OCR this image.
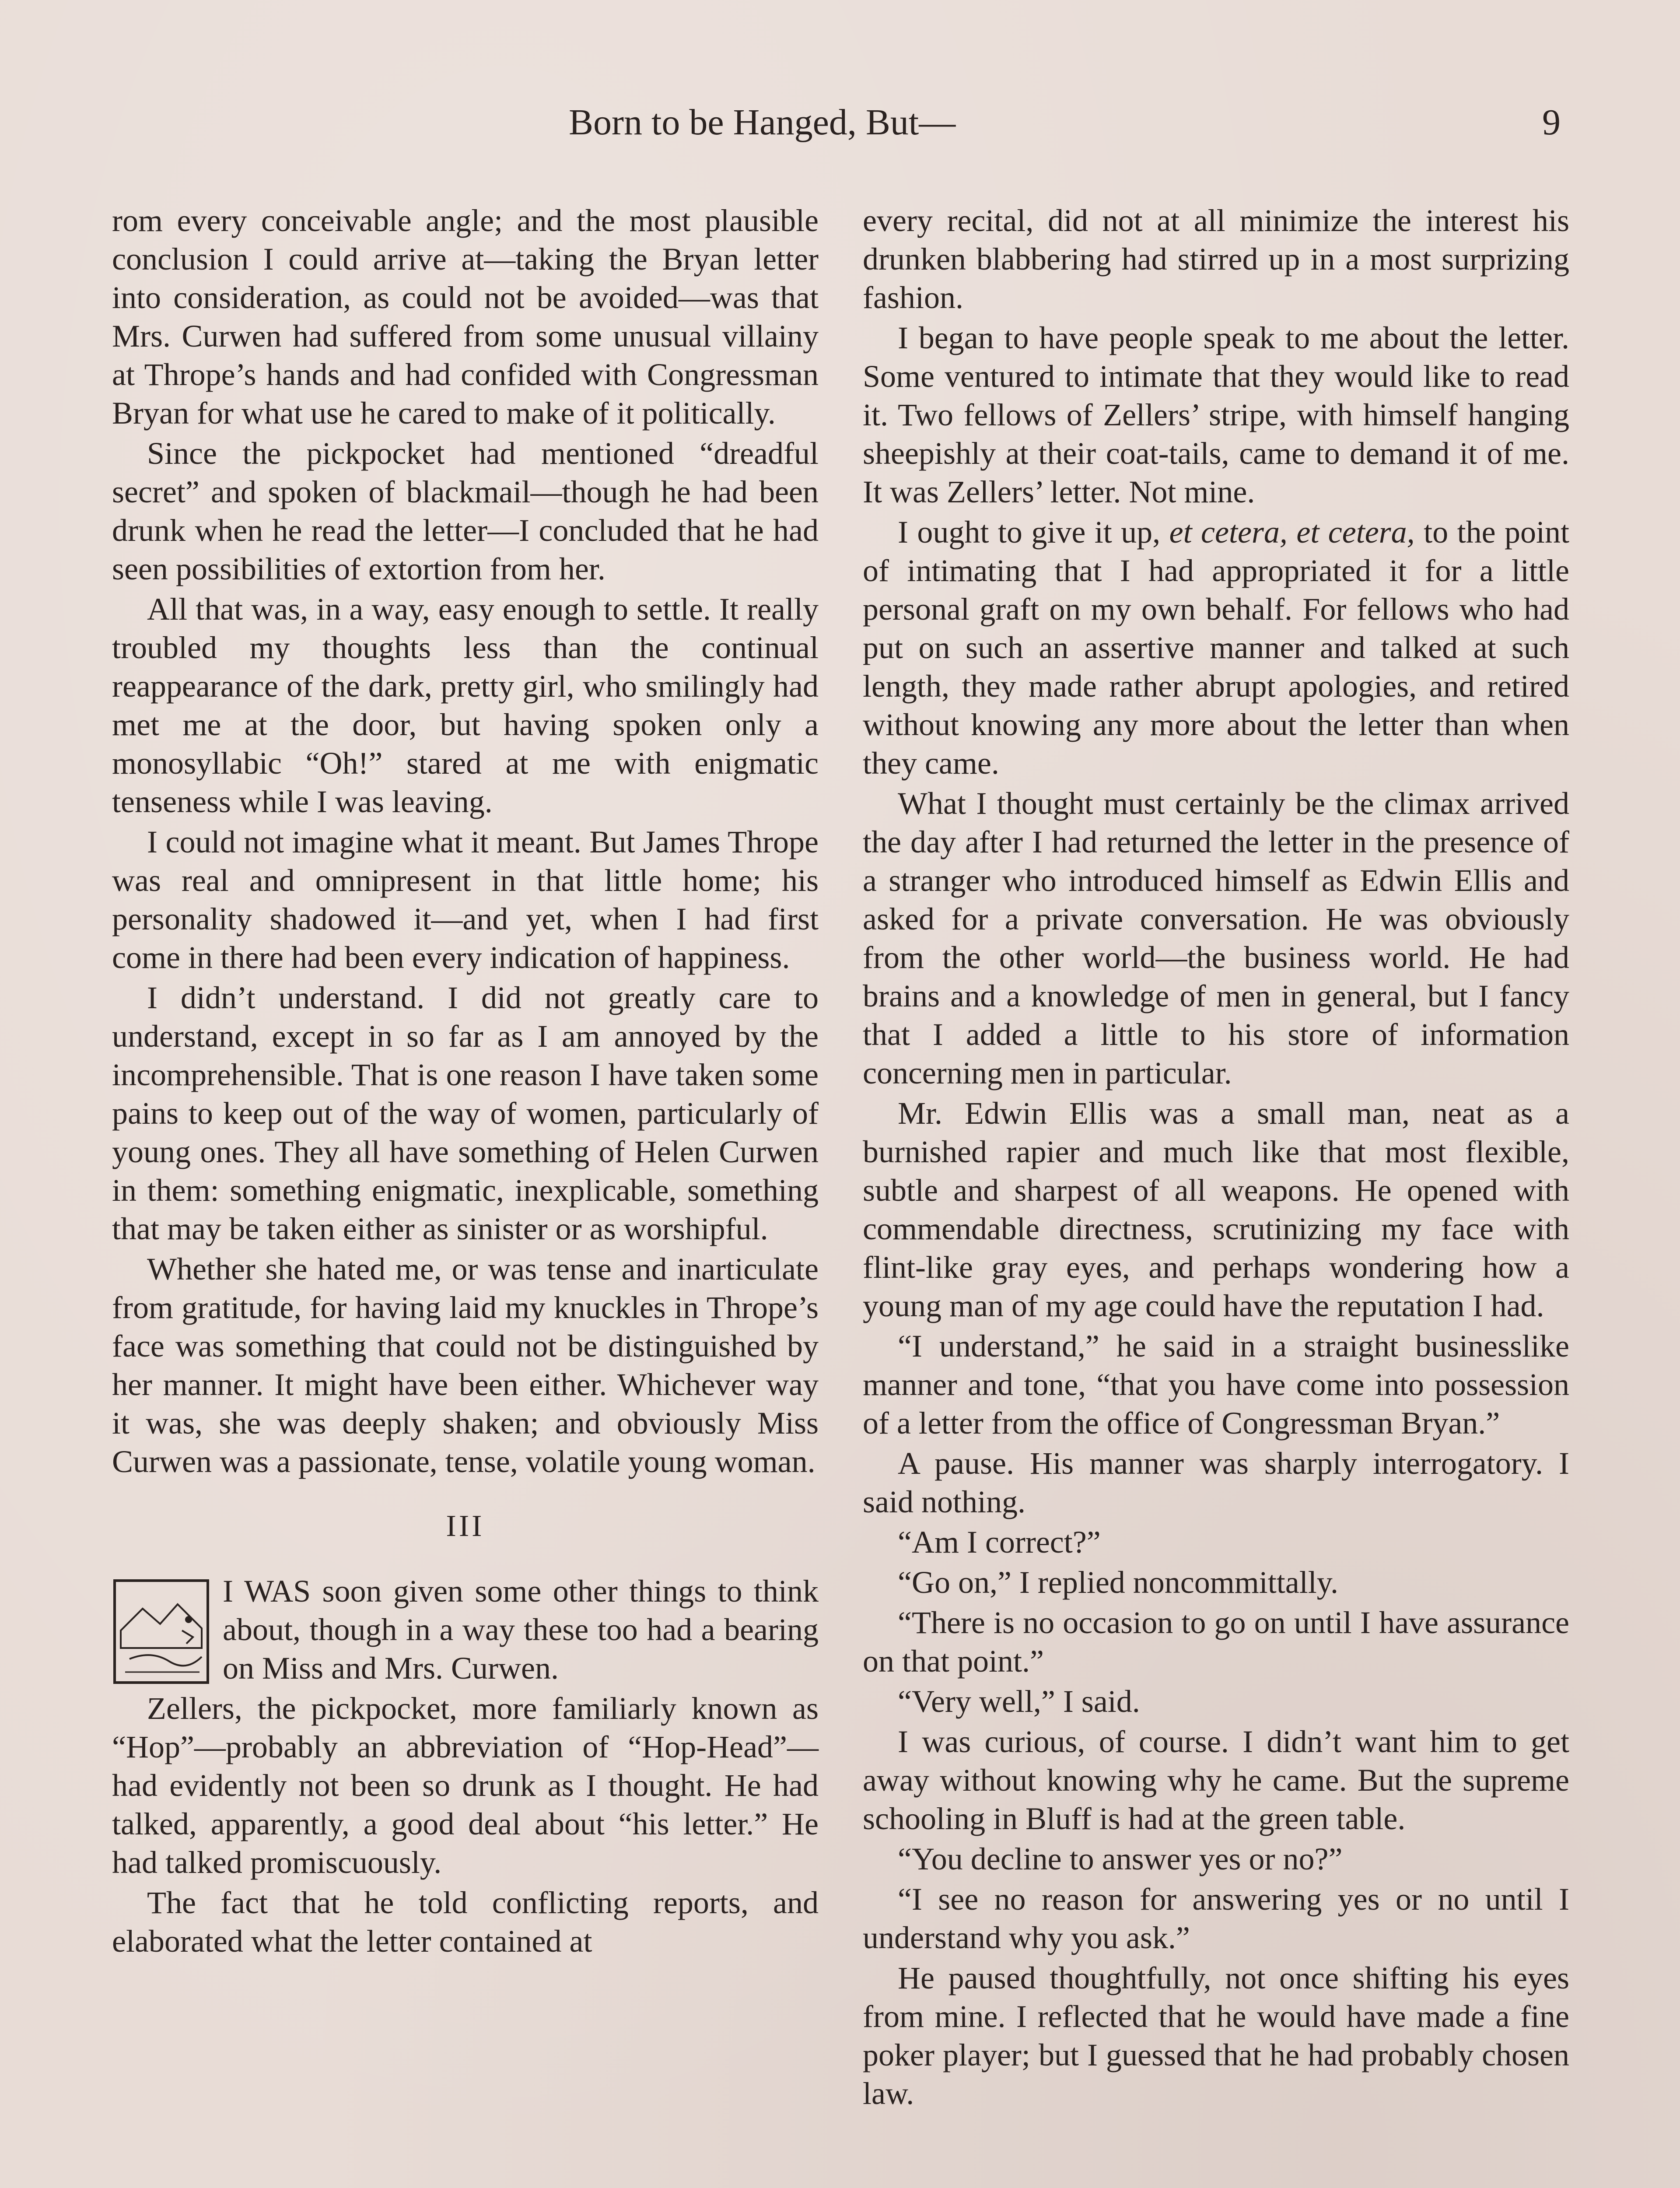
Born to be Hanged, But—	9

rom every conceivable angle; and the most plausible conclusion I could arrive at—taking the Bryan letter into consideration, as could not be avoided—was that Mrs. Curwen had suffered from some unusual villainy at Thrope’s hands and had confided with Congressman Bryan for what use he cared to make of it politically.

Since the pickpocket had mentioned “dreadful secret” and spoken of blackmail—though he had been drunk when he read the letter—I concluded that he had seen possibilities of extortion from her.

All that was, in a way, easy enough to settle. It really troubled my thoughts less than the continual reappearance of the dark, pretty girl, who smilingly had met me at the door, but having spoken only a monosyllabic “Oh!” stared at me with enigmatic tenseness while I was leaving.

I could not imagine what it meant. But James Thrope was real and omnipresent in that little home; his personality shadowed it—and yet, when I had first come in there had been every indication of happiness.

I didn’t understand. I did not greatly care to understand, except in so far as I am annoyed by the incomprehensible. That is one reason I have taken some pains to keep out of the way of women, particularly of young ones. They all have something of Helen Curwen in them: something enigmatic, inexplicable, something that may be taken either as sinister or as worshipful.

Whether she hated me, or was tense and inarticulate from gratitude, for having laid my knuckles in Thrope’s face was something that could not be distinguished by her manner. It might have been either. Whichever way it was, she was deeply shaken; and obviously Miss Curwen was a passionate, tense, volatile young woman.

III

I WAS soon given some other things to think about, though in a way these too had a bearing on Miss and Mrs. Curwen.

Zellers, the pickpocket, more familiarly known as “Hop”—probably an abbreviation of “Hop-Head”—had evidently not been so drunk as I thought. He had talked, apparently, a good deal about “his letter.” He had talked promiscuously.

The fact that he told conflicting reports, and elaborated what the letter contained at

every recital, did not at all minimize the interest his drunken blabbering had stirred up in a most surprizing fashion.

I began to have people speak to me about the letter. Some ventured to intimate that they would like to read it. Two fellows of Zellers’ stripe, with himself hanging sheepishly at their coat-tails, came to demand it of me. It was Zellers’ letter. Not mine.

I ought to give it up, et cetera, et cetera, to the point of intimating that I had appropriated it for a little personal graft on my own behalf. For fellows who had put on such an assertive manner and talked at such length, they made rather abrupt apologies, and retired without knowing any more about the letter than when they came.

What I thought must certainly be the climax arrived the day after I had returned the letter in the presence of a stranger who introduced himself as Edwin Ellis and asked for a private conversation. He was obviously from the other world—the business world. He had brains and a knowledge of men in general, but I fancy that I added a little to his store of information concerning men in particular.

Mr. Edwin Ellis was a small man, neat as a burnished rapier and much like that most flexible, subtle and sharpest of all weapons. He opened with commendable directness, scrutinizing my face with flint-like gray eyes, and perhaps wondering how a young man of my age could have the reputation I had.

“I understand,” he said in a straight businesslike manner and tone, “that you have come into possession of a letter from the office of Congressman Bryan.”

A pause. His manner was sharply interrogatory. I said nothing.

“Am I correct?”

“Go on,” I replied noncommittally.

“There is no occasion to go on until I have assurance on that point.”

“Very well,” I said.

I was curious, of course. I didn’t want him to get away without knowing why he came. But the supreme schooling in Bluff is had at the green table.

“You decline to answer yes or no?”

“I see no reason for answering yes or no until I understand why you ask.”

He paused thoughtfully, not once shifting his eyes from mine. I reflected that he would have made a fine poker player; but I guessed that he had probably chosen law.
